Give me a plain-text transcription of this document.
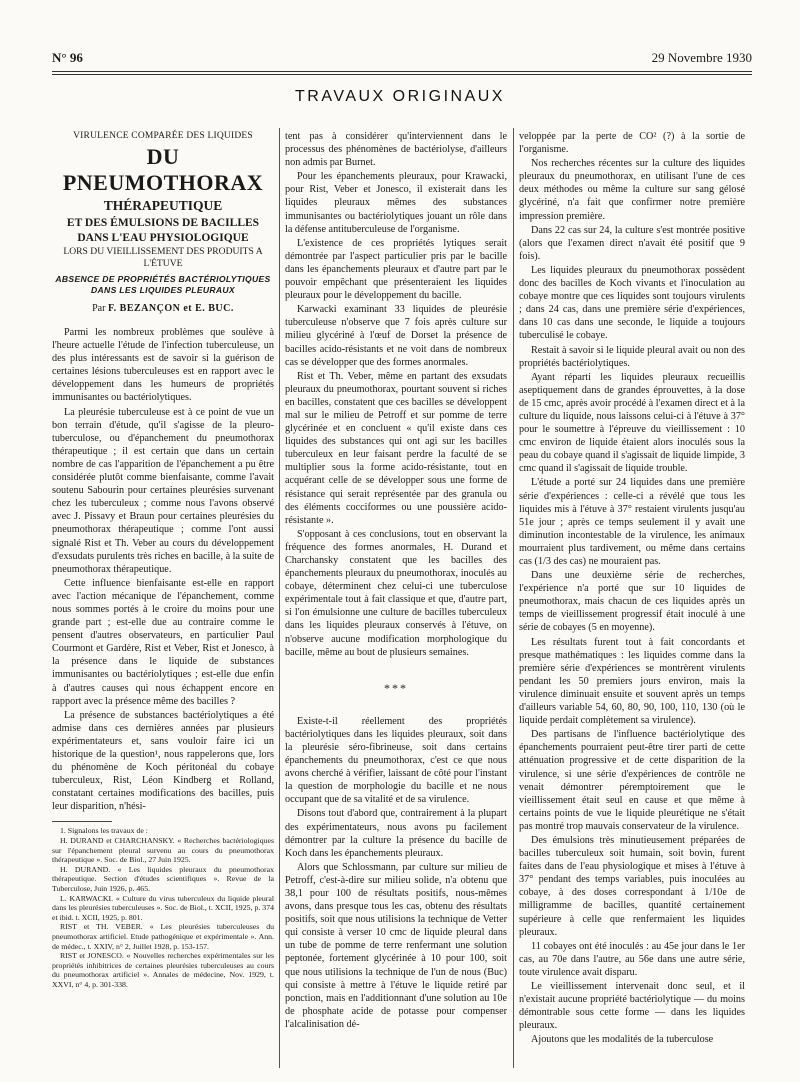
N° 96	29 Novembre 1930
TRAVAUX ORIGINAUX
VIRULENCE COMPARÉE DES LIQUIDES
DU PNEUMOTHORAX
THÉRAPEUTIQUE
ET DES ÉMULSIONS DE BACILLES
DANS L'EAU PHYSIOLOGIQUE
LORS DU VIEILLISSEMENT DES PRODUITS A L'ÉTUVE
ABSENCE DE PROPRIÉTÉS BACTÉRIOLYTIQUES
DANS LES LIQUIDES PLEURAUX
Par F. BEZANÇON et E. BUC.

Parmi les nombreux problèmes que soulève à l'heure actuelle l'étude de l'infection tuberculeuse, un des plus intéressants est de savoir si la guérison de certaines lésions tuberculeuses est en rapport avec le développement dans les humeurs de propriétés immunisantes ou bactériolytiques.

La pleurésie tuberculeuse est à ce point de vue un bon terrain d'étude, qu'il s'agisse de la pleuro-tuberculose, ou d'épanchement du pneumothorax thérapeutique ; il est certain que dans un certain nombre de cas l'apparition de l'épanchement a pu être considérée plutôt comme bienfaisante, comme l'avait soutenu Sabourin pour certaines pleurésies survenant chez les tuberculeux ; comme nous l'avons observé avec J. Pissavy et Braun pour certaines pleurésies du pneumothorax thérapeutique ; comme l'ont aussi signalé Rist et Th. Veber au cours du développement d'exsudats purulents très riches en bacille, à la suite de pneumothorax thérapeutique.

Cette influence bienfaisante est-elle en rapport avec l'action mécanique de l'épanchement, comme nous sommes portés à le croire du moins pour une grande part ; est-elle due au contraire comme le pensent d'autres observateurs, en particulier Paul Courmont et Gardère, Rist et Veber, Rist et Jonesco, à la présence dans le liquide de substances immunisantes ou bactériolytiques ; est-elle due enfin à d'autres causes qui nous échappent encore en rapport avec la présence même des bacilles ?

La présence de substances bactériolytiques a été admise dans ces dernières années par plusieurs expérimentateurs et, sans vouloir faire ici un historique de la question¹, nous rappelerons que, lors du phénomène de Koch péritonéal du cobaye tuberculeux, Rist, Léon Kindberg et Rolland, constatant certaines modifications des bacilles, puis leur disparition, n'hési-

1. Signalons les travaux de :

H. DURAND et CHARCHANSKY. « Recherches bactériologiques sur l'épanchement pleural survenu au cours du pneumothorax thérapeutique ». Soc. de Biol., 27 Juin 1925.

H. DURAND. « Les liquides pleuraux du pneumothorax thérapeutique. Section d'études scientifiques ». Revue de la Tuberculose, Juin 1926, p. 465.

L. KARWACKI. « Culture du virus tuberculeux du liquide pleural dans les pleurésies tuberculeuses ». Soc. de Biol., t. XCII, 1925, p. 374 et ibid. t. XCII, 1925, p. 801.

RIST et TH. VEBER. « Les pleurésies tuberculeuses du pneumothorax artificiel. Etude pathogénique et expérimentale ». Ann. de médec., t. XXIV, n° 2, Juillet 1928, p. 153-157.

RIST et JONESCO. « Nouvelles recherches expérimentales sur les propriétés inhibitrices de certaines pleurésies tuberculeuses au cours du pneumothorax artificiel ». Annales de médecine, Nov. 1929, t. XXVI, n° 4, p. 301-338.

tent pas à considérer qu'interviennent dans le processus des phénomènes de bactériolyse, d'ailleurs non admis par Burnet.

Pour les épanchements pleuraux, pour Krawacki, pour Rist, Veber et Jonesco, il existerait dans les liquides pleuraux mêmes des substances immunisantes ou bactériolytiques jouant un rôle dans la défense antituberculeuse de l'organisme.

L'existence de ces propriétés lytiques serait démontrée par l'aspect particulier pris par le bacille dans les épanchements pleuraux et d'autre part par le pouvoir empêchant que présenteraient les liquides pleuraux pour le développement du bacille.

Karwacki examinant 33 liquides de pleurésie tuberculeuse n'observe que 7 fois après culture sur milieu glycériné à l'œuf de Dorset la présence de bacilles acido-résistants et ne voit dans de nombreux cas se développer que des formes anormales.

Rist et Th. Veber, même en partant des exsudats pleuraux du pneumothorax, pourtant souvent si riches en bacilles, constatent que ces bacilles se développent mal sur le milieu de Petroff et sur pomme de terre glycérinée et en concluent « qu'il existe dans ces liquides des substances qui ont agi sur les bacilles tuberculeux en leur faisant perdre la faculté de se multiplier sous la forme acido-résistante, tout en acquérant celle de se développer sous une forme de résistance qui serait représentée par des granula ou des éléments cocciformes ou une poussière acido-résistante ».

S'opposant à ces conclusions, tout en observant la fréquence des formes anormales, H. Durand et Charchansky constatent que les bacilles des épanchements pleuraux du pneumothorax, inoculés au cobaye, déterminent chez celui-ci une tuberculose expérimentale tout à fait classique et que, d'autre part, si l'on émulsionne une culture de bacilles tuberculeux dans les liquides pleuraux conservés à l'étuve, on n'observe aucune modification morphologique du bacille, même au bout de plusieurs semaines.

***

Existe-t-il réellement des propriétés bactériolytiques dans les liquides pleuraux, soit dans la pleurésie séro-fibrineuse, soit dans certains épanchements du pneumothorax, c'est ce que nous avons cherché à vérifier, laissant de côté pour l'instant la question de morphologie du bacille et ne nous occupant que de sa vitalité et de sa virulence.

Disons tout d'abord que, contrairement à la plupart des expérimentateurs, nous avons pu facilement démontrer par la culture la présence du bacille de Koch dans les épanchements pleuraux.

Alors que Schlossmann, par culture sur milieu de Petroff, c'est-à-dire sur milieu solide, n'a obtenu que 38,1 pour 100 de résultats positifs, nous-mêmes avons, dans presque tous les cas, obtenu des résultats positifs, soit que nous utilisions la technique de Vetter qui consiste à verser 10 cmc de liquide pleural dans un tube de pomme de terre renfermant une solution peptonée, fortement glycérinée à 10 pour 100, soit que nous utilisions la technique de l'un de nous (Buc) qui consiste à mettre à l'étuve le liquide retiré par ponction, mais en l'additionnant d'une solution au 10e de phosphate acide de potasse pour compenser l'alcalinisation dé-

veloppée par la perte de CO² (?) à la sortie de l'organisme.

Nos recherches récentes sur la culture des liquides pleuraux du pneumothorax, en utilisant l'une de ces deux méthodes ou même la culture sur sang gélosé glycériné, n'a fait que confirmer notre première impression première.

Dans 22 cas sur 24, la culture s'est montrée positive (alors que l'examen direct n'avait été positif que 9 fois).

Les liquides pleuraux du pneumothorax possèdent donc des bacilles de Koch vivants et l'inoculation au cobaye montre que ces liquides sont toujours virulents ; dans 24 cas, dans une première série d'expériences, dans 10 cas dans une seconde, le liquide a toujours tuberculisé le cobaye.

Restait à savoir si le liquide pleural avait ou non des propriétés bactériolytiques.

Ayant réparti les liquides pleuraux recueillis aseptiquement dans de grandes éprouvettes, à la dose de 15 cmc, après avoir procédé à l'examen direct et à la culture du liquide, nous laissons celui-ci à l'étuve à 37° pour le soumettre à l'épreuve du vieillissement : 10 cmc environ de liquide étaient alors inoculés sous la peau du cobaye quand il s'agissait de liquide limpide, 3 cmc quand il s'agissait de liquide trouble.

L'étude a porté sur 24 liquides dans une première série d'expériences : celle-ci a révélé que tous les liquides mis à l'étuve à 37° restaient virulents jusqu'au 51e jour ; après ce temps seulement il y avait une diminution incontestable de la virulence, les animaux mourraient plus tardivement, ou même dans certains cas (1/3 des cas) ne mouraient pas.

Dans une deuxième série de recherches, l'expérience n'a porté que sur 10 liquides de pneumothorax, mais chacun de ces liquides après un temps de vieillissement progressif était inoculé à une série de cobayes (5 en moyenne).

Les résultats furent tout à fait concordants et presque mathématiques : les liquides comme dans la première série d'expériences se montrèrent virulents pendant les 50 premiers jours environ, mais la virulence diminuait ensuite et souvent après un temps d'ailleurs variable 54, 60, 80, 90, 100, 110, 130 (où le liquide perdait complètement sa virulence).

Des partisans de l'influence bactériolytique des épanchements pourraient peut-être tirer parti de cette atténuation progressive et de cette disparition de la virulence, si une série d'expériences de contrôle ne venait démontrer péremptoirement que le vieillissement était seul en cause et que même à certains points de vue le liquide pleurétique ne s'était pas montré trop mauvais conservateur de la virulence.

Des émulsions très minutieusement préparées de bacilles tuberculeux soit humain, soit bovin, furent faites dans de l'eau physiologique et mises à l'étuve à 37° pendant des temps variables, puis inoculées au cobaye, à des doses correspondant à 1/10e de milligramme de bacilles, quantité certainement supérieure à celle que renfermaient les liquides pleuraux.

11 cobayes ont été inoculés : au 45e jour dans le 1er cas, au 70e dans l'autre, au 56e dans une autre série, toute virulence avait disparu.

Le vieillissement intervenait donc seul, et il n'existait aucune propriété bactériolytique — du moins démontrable sous cette forme — dans les liquides pleuraux.

Ajoutons que les modalités de la tuberculose
